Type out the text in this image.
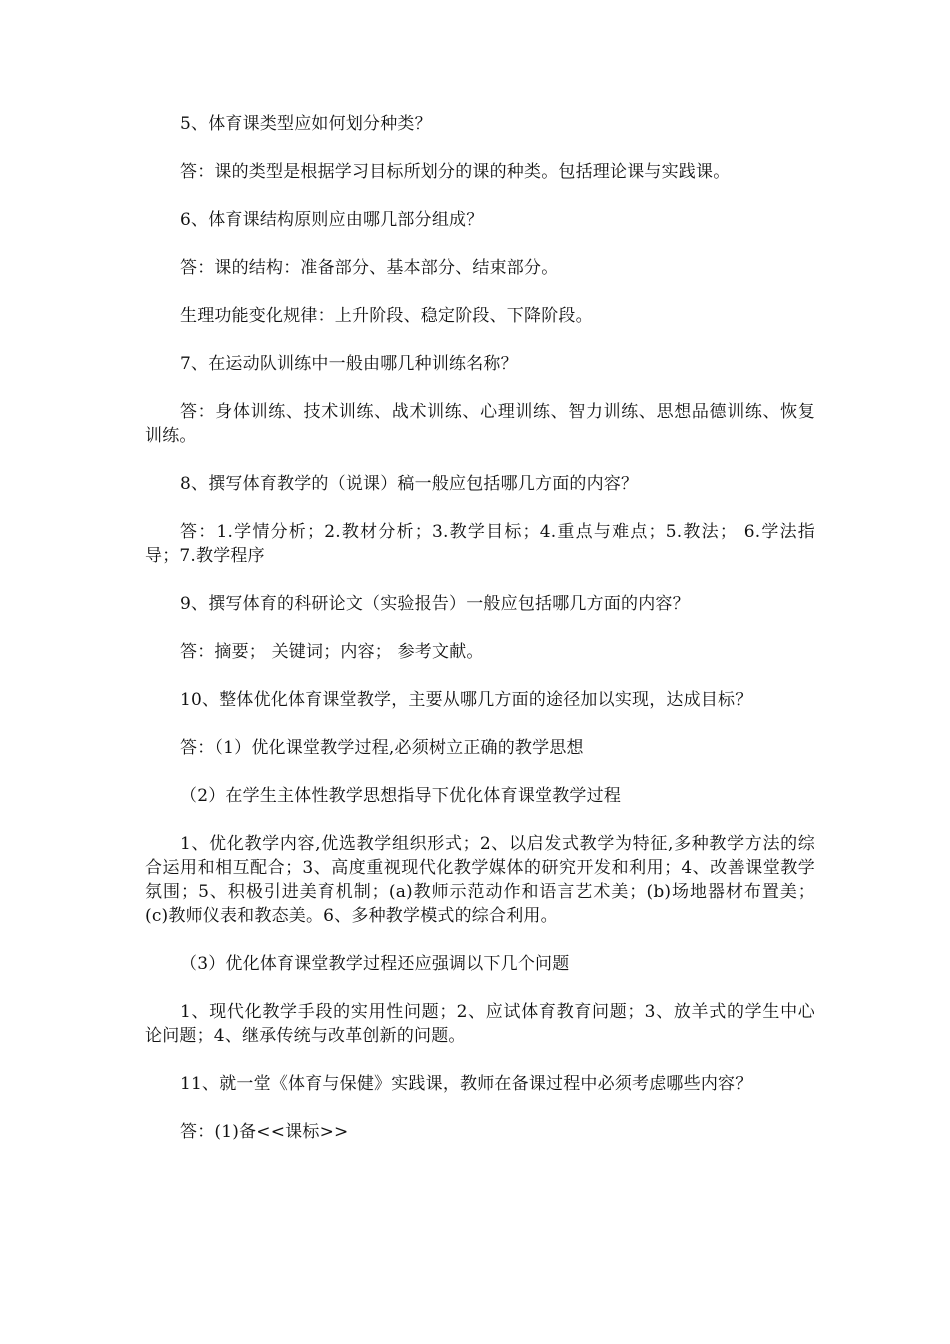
5、体育课类型应如何划分种类？

答：课的类型是根据学习目标所划分的课的种类。包括理论课与实践课。

6、体育课结构原则应由哪几部分组成？

答：课的结构：准备部分、基本部分、结束部分。

生理功能变化规律：上升阶段、稳定阶段、下降阶段。

7、在运动队训练中一般由哪几种训练名称？

答：身体训练、技术训练、战术训练、心理训练、智力训练、思想品德训练、恢复训练。

8、撰写体育教学的（说课）稿一般应包括哪几方面的内容？

答：1.学情分析；2.教材分析；3.教学目标；4.重点与难点；5.教法； 6.学法指导；7.教学程序

9、撰写体育的科研论文（实验报告）一般应包括哪几方面的内容？

答：摘要； 关键词；内容； 参考文献。

10、整体优化体育课堂教学，主要从哪几方面的途径加以实现，达成目标？

答：（1）优化课堂教学过程,必须树立正确的教学思想

（2）在学生主体性教学思想指导下优化体育课堂教学过程

1、优化教学内容,优选教学组织形式；2、以启发式教学为特征,多种教学方法的综合运用和相互配合；3、高度重视现代化教学媒体的研究开发和利用；4、改善课堂教学氛围；5、积极引进美育机制；(a)教师示范动作和语言艺术美；(b)场地器材布置美； (c)教师仪表和教态美。6、多种教学模式的综合利用。

（3）优化体育课堂教学过程还应强调以下几个问题

1、现代化教学手段的实用性问题；2、应试体育教育问题；3、放羊式的学生中心论问题；4、继承传统与改革创新的问题。

11、就一堂《体育与保健》实践课，教师在备课过程中必须考虑哪些内容？

答：(1)备<<课标>>
